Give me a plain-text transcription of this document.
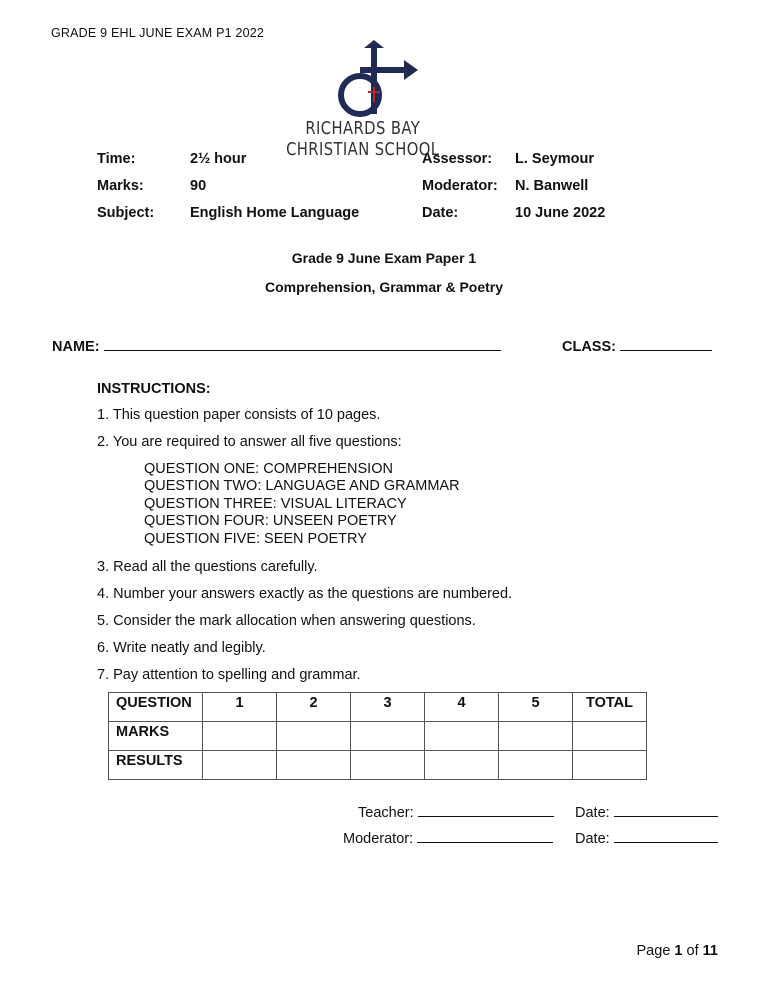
GRADE 9 EHL JUNE EXAM P1 2022
RICHARDS BAY CHRISTIAN SCHOOL
Time:	2½ hour	Assessor: L. Seymour
Marks:	90	Moderator: N. Banwell
Subject: English Home Language	Date:	10 June 2022
Grade 9 June Exam Paper 1
Comprehension, Grammar & Poetry
NAME:	CLASS:
INSTRUCTIONS:
1. This question paper consists of 10 pages.
2. You are required to answer all five questions:
QUESTION ONE: COMPREHENSION
QUESTION TWO: LANGUAGE AND GRAMMAR
QUESTION THREE: VISUAL LITERACY
QUESTION FOUR: UNSEEN POETRY
QUESTION FIVE: SEEN POETRY
3. Read all the questions carefully.
4. Number your answers exactly as the questions are numbered.
5. Consider the mark allocation when answering questions.
6. Write neatly and legibly.
7. Pay attention to spelling and grammar.
QUESTION	1	2	3	4	5	TOTAL
MARKS						
RESULTS						
Teacher:	Date:
Moderator:	Date:
Page 1 of 11
